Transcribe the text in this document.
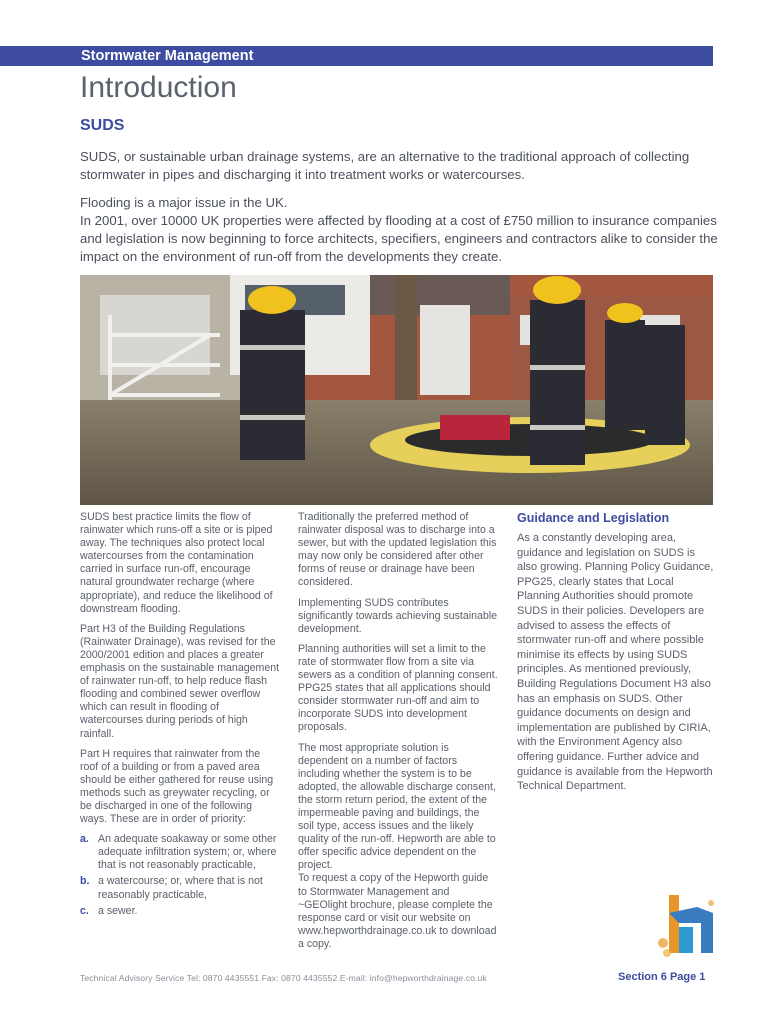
Stormwater Management
Introduction
SUDS

SUDS, or sustainable urban drainage systems, are an alternative to the traditional approach of collecting stormwater in pipes and discharging it into treatment works or watercourses.

Flooding is a major issue in the UK.

In 2001, over 10000 UK properties were affected by flooding at a cost of £750 million to insurance companies and legislation is now beginning to force architects, specifiers, engineers and contractors alike to consider the impact on the environment of run-off from the developments they create.

SUDS best practice limits the flow of rainwater which runs-off a site or is piped away. The techniques also protect local watercourses from the contamination carried in surface run-off, encourage natural groundwater recharge (where appropriate), and reduce the likelihood of downstream flooding.

Part H3 of the Building Regulations (Rainwater Drainage), was revised for the 2000/2001 edition and places a greater emphasis on the sustainable management of rainwater run-off, to help reduce flash flooding and combined sewer overflow which can result in flooding of watercourses during periods of high rainfall.

Part H requires that rainwater from the roof of a building or from a paved area should be either gathered for reuse using methods such as greywater recycling, or be discharged in one of the following ways. These are in order of priority:

a. An adequate soakaway or some other adequate infiltration system; or, where that is not reasonably practicable,
b. a watercourse; or, where that is not reasonably practicable,
c. a sewer.

Traditionally the preferred method of rainwater disposal was to discharge into a sewer, but with the updated legislation this may now only be considered after other forms of reuse or drainage have been considered.

Implementing SUDS contributes significantly towards achieving sustainable development.

Planning authorities will set a limit to the rate of stormwater flow from a site via sewers as a condition of planning consent. PPG25 states that all applications should consider stormwater run-off and aim to incorporate SUDS into development proposals.

The most appropriate solution is dependent on a number of factors including whether the system is to be adopted, the allowable discharge consent, the storm return period, the extent of the impermeable paving and buildings, the soil type, access issues and the likely quality of the run-off. Hepworth are able to offer specific advice dependent on the project.

To request a copy of the Hepworth guide to Stormwater Management and ~GEOlight brochure, please complete the response card or visit our website on www.hepworthdrainage.co.uk to download a copy.

Guidance and Legislation

As a constantly developing area, guidance and legislation on SUDS is also growing. Planning Policy Guidance, PPG25, clearly states that Local Planning Authorities should promote SUDS in their policies. Developers are advised to assess the effects of stormwater run-off and where possible minimise its effects by using SUDS principles. As mentioned previously, Building Regulations Document H3 also has an emphasis on SUDS. Other guidance documents on design and implementation are published by CIRIA, with the Environment Agency also offering guidance. Further advice and guidance is available from the Hepworth Technical Department.

Technical Advisory Service Tel: 0870 4435551 Fax: 0870 4435552 E-mail: info@hepworthdrainage.co.uk	Section 6 Page 1
